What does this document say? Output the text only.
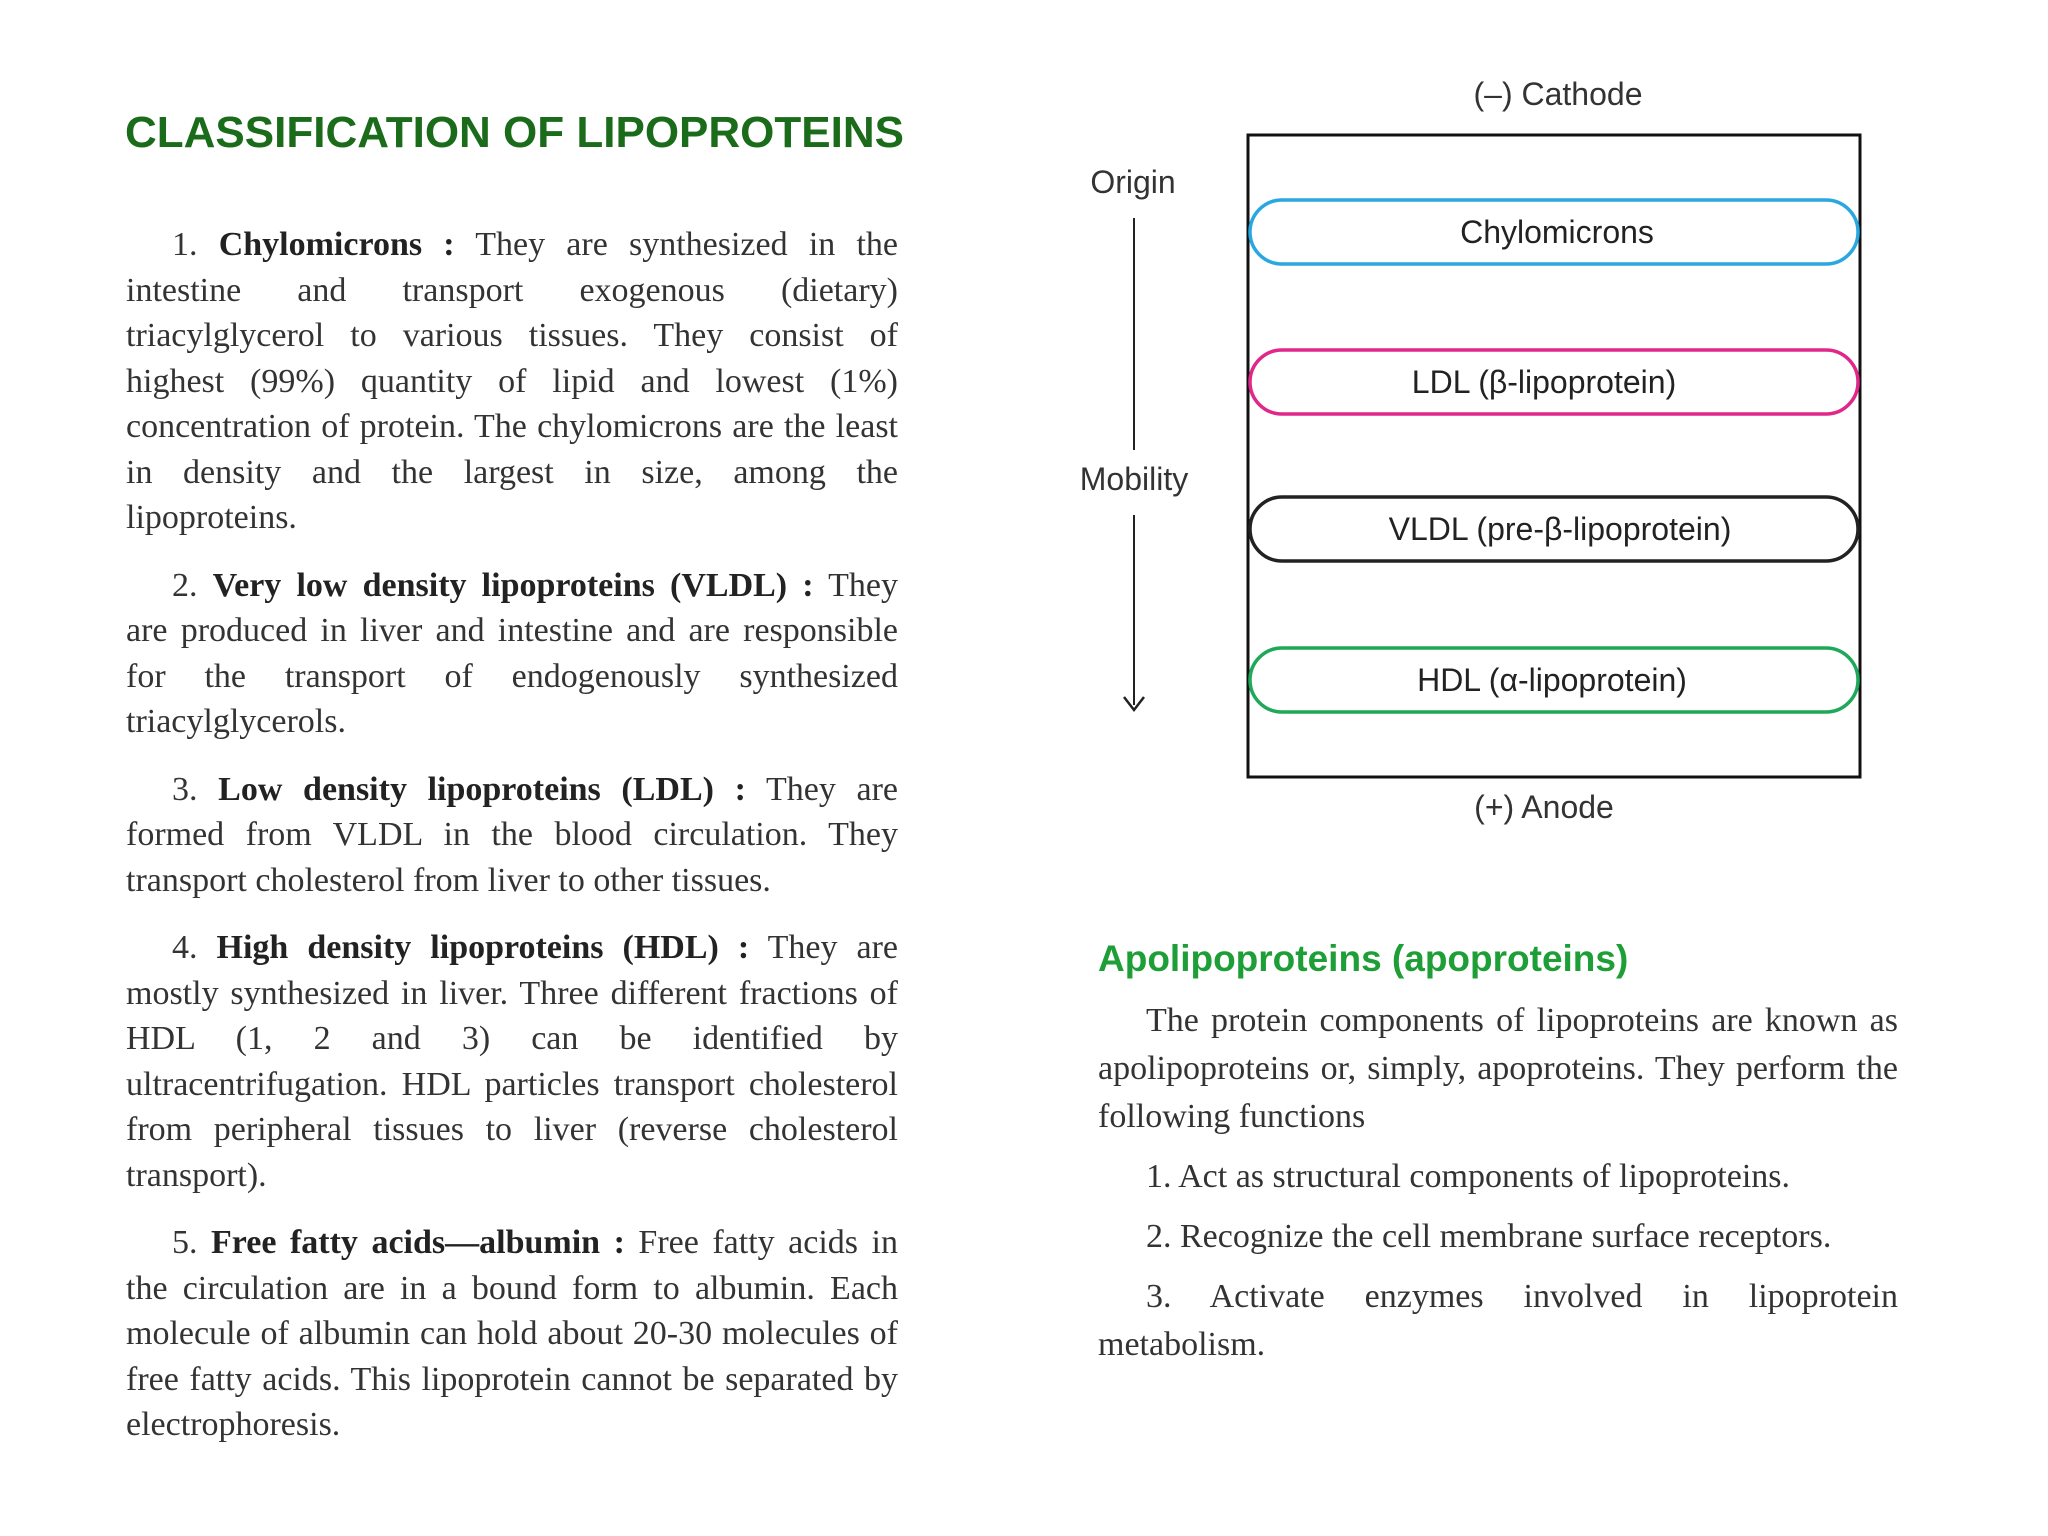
CLASSIFICATION OF LIPOPROTEINS

1. Chylomicrons : They are synthesized in the intestine and transport exogenous (dietary) triacylglycerol to various tissues. They consist of highest (99%) quantity of lipid and lowest (1%) concentration of protein. The chylomicrons are the least in density and the largest in size, among the lipoproteins.

2. Very low density lipoproteins (VLDL) : They are produced in liver and intestine and are responsible for the transport of endogenously synthesized triacylglycerols.

3. Low density lipoproteins (LDL) : They are formed from VLDL in the blood circulation. They transport cholesterol from liver to other tissues.

4. High density lipoproteins (HDL) : They are mostly synthesized in liver. Three different fractions of HDL (1, 2 and 3) can be identified by ultracentrifugation. HDL particles transport cholesterol from peripheral tissues to liver (reverse cholesterol transport).

5. Free fatty acids—albumin : Free fatty acids in the circulation are in a bound form to albumin. Each molecule of albumin can hold about 20-30 molecules of free fatty acids. This lipoprotein cannot be separated by electrophoresis.

(–) Cathode
Origin
Mobility
Chylomicrons
LDL (β-lipoprotein)
VLDL (pre-β-lipoprotein)
HDL (α-lipoprotein)
(+) Anode
Apolipoproteins (apoproteins)

The protein components of lipoproteins are known as apolipoproteins or, simply, apoproteins. They perform the following functions

1. Act as structural components of lipoproteins.
2. Recognize the cell membrane surface receptors.
3. Activate enzymes involved in lipoprotein metabolism.
